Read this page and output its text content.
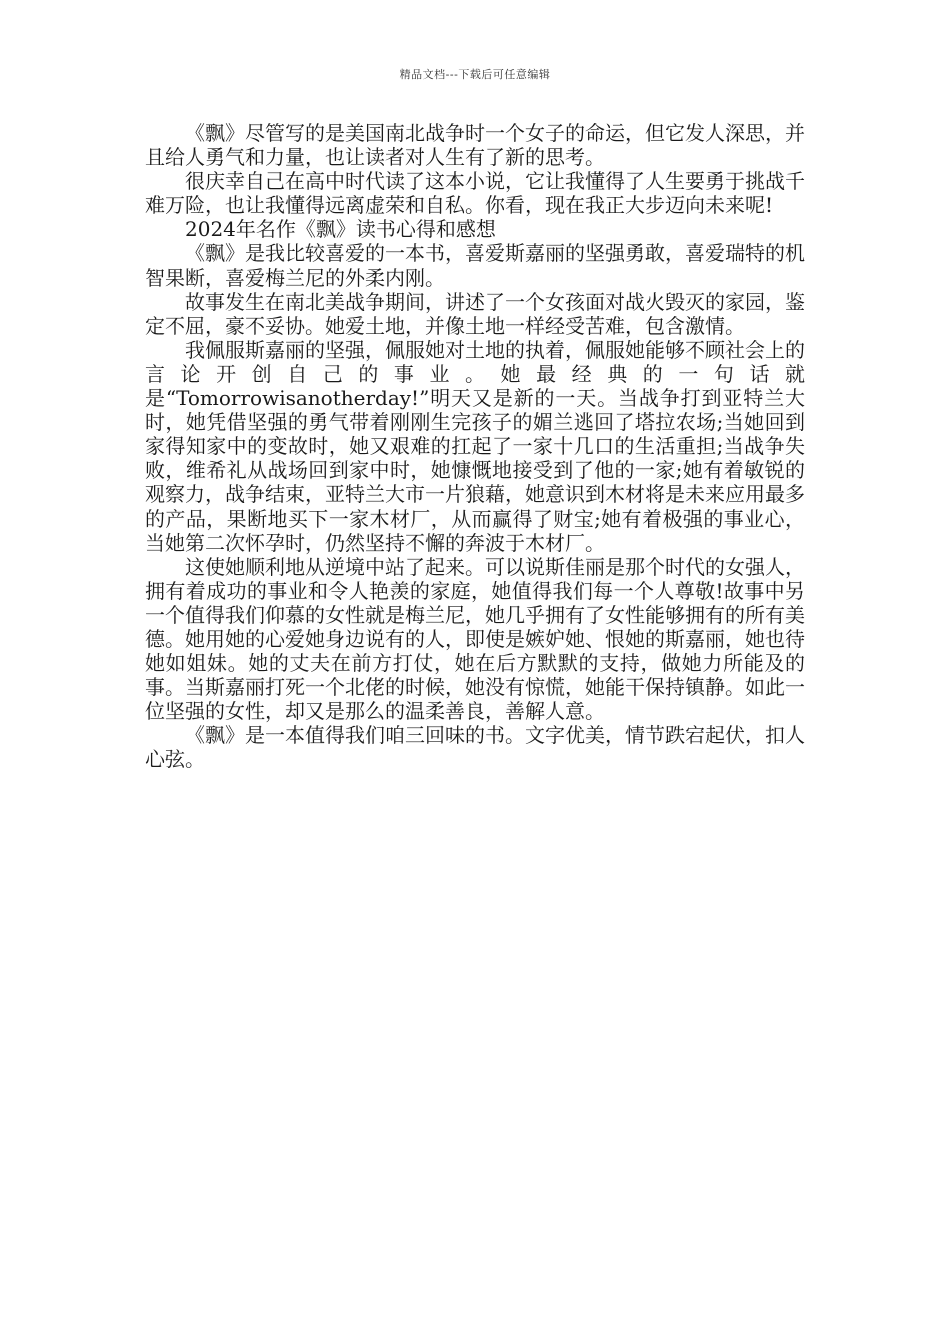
精品文档---下载后可任意编辑

《飘》尽管写的是美国南北战争时一个女子的命运，但它发人深思，并且给人勇气和力量，也让读者对人生有了新的思考。

很庆幸自己在高中时代读了这本小说，它让我懂得了人生要勇于挑战千难万险，也让我懂得远离虚荣和自私。你看，现在我正大步迈向未来呢!

2024年名作《飘》读书心得和感想

《飘》是我比较喜爱的一本书，喜爱斯嘉丽的坚强勇敢，喜爱瑞特的机智果断，喜爱梅兰尼的外柔内刚。

故事发生在南北美战争期间，讲述了一个女孩面对战火毁灭的家园，鉴定不屈，豪不妥协。她爱土地，并像土地一样经受苦难，包含激情。

我佩服斯嘉丽的坚强，佩服她对土地的执着，佩服她能够不顾社会上的言论开创自己的事业。她最经典的一句话就是“Tomorrowisanotherday!”明天又是新的一天。当战争打到亚特兰大时，她凭借坚强的勇气带着刚刚生完孩子的媚兰逃回了塔拉农场;当她回到家得知家中的变故时，她又艰难的扛起了一家十几口的生活重担;当战争失败，维希礼从战场回到家中时，她慷慨地接受到了他的一家;她有着敏锐的观察力，战争结束，亚特兰大市一片狼藉，她意识到木材将是未来应用最多的产品，果断地买下一家木材厂，从而赢得了财宝;她有着极强的事业心，当她第二次怀孕时，仍然坚持不懈的奔波于木材厂。

这使她顺利地从逆境中站了起来。可以说斯佳丽是那个时代的女强人，拥有着成功的事业和令人艳羡的家庭，她值得我们每一个人尊敬!故事中另一个值得我们仰慕的女性就是梅兰尼，她几乎拥有了女性能够拥有的所有美德。她用她的心爱她身边说有的人，即使是嫉妒她、恨她的斯嘉丽，她也待她如姐妹。她的丈夫在前方打仗，她在后方默默的支持，做她力所能及的事。当斯嘉丽打死一个北佬的时候，她没有惊慌，她能干保持镇静。如此一位坚强的女性，却又是那么的温柔善良，善解人意。

《飘》是一本值得我们咱三回味的书。文字优美，情节跌宕起伏，扣人心弦。
